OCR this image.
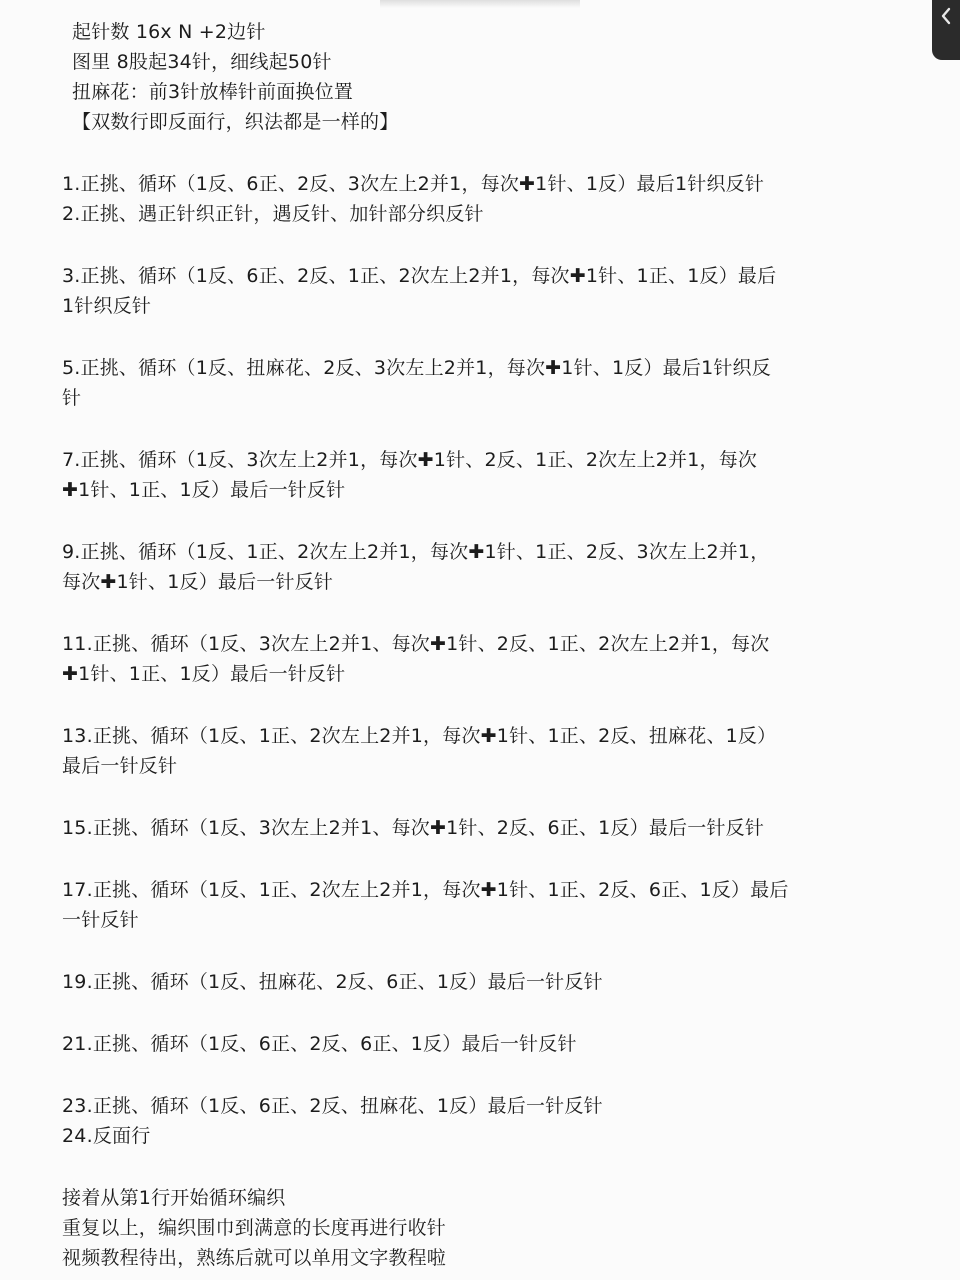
起针数 16x N +2边针
图里 8股起34针，细线起50针
扭麻花：前3针放棒针前面换位置
【双数行即反面行，织法都是一样的】
1.正挑、循环（1反、6正、2反、3次左上2并1，每次✚1针、1反）最后1针织反针
2.正挑、遇正针织正针，遇反针、加针部分织反针
3.正挑、循环（1反、6正、2反、1正、2次左上2并1，每次✚1针、1正、1反）最后
1针织反针
5.正挑、循环（1反、扭麻花、2反、3次左上2并1，每次✚1针、1反）最后1针织反
针
7.正挑、循环（1反、3次左上2并1，每次✚1针、2反、1正、2次左上2并1，每次
✚1针、1正、1反）最后一针反针
9.正挑、循环（1反、1正、2次左上2并1，每次✚1针、1正、2反、3次左上2并1，
每次✚1针、1反）最后一针反针
11.正挑、循环（1反、3次左上2并1、每次✚1针、2反、1正、2次左上2并1，每次
✚1针、1正、1反）最后一针反针
13.正挑、循环（1反、1正、2次左上2并1，每次✚1针、1正、2反、扭麻花、1反）
最后一针反针
15.正挑、循环（1反、3次左上2并1、每次✚1针、2反、6正、1反）最后一针反针
17.正挑、循环（1反、1正、2次左上2并1，每次✚1针、1正、2反、6正、1反）最后
一针反针
19.正挑、循环（1反、扭麻花、2反、6正、1反）最后一针反针
21.正挑、循环（1反、6正、2反、6正、1反）最后一针反针
23.正挑、循环（1反、6正、2反、扭麻花、1反）最后一针反针
24.反面行
接着从第1行开始循环编织
重复以上，编织围巾到满意的长度再进行收针
视频教程待出，熟练后就可以单用文字教程啦
